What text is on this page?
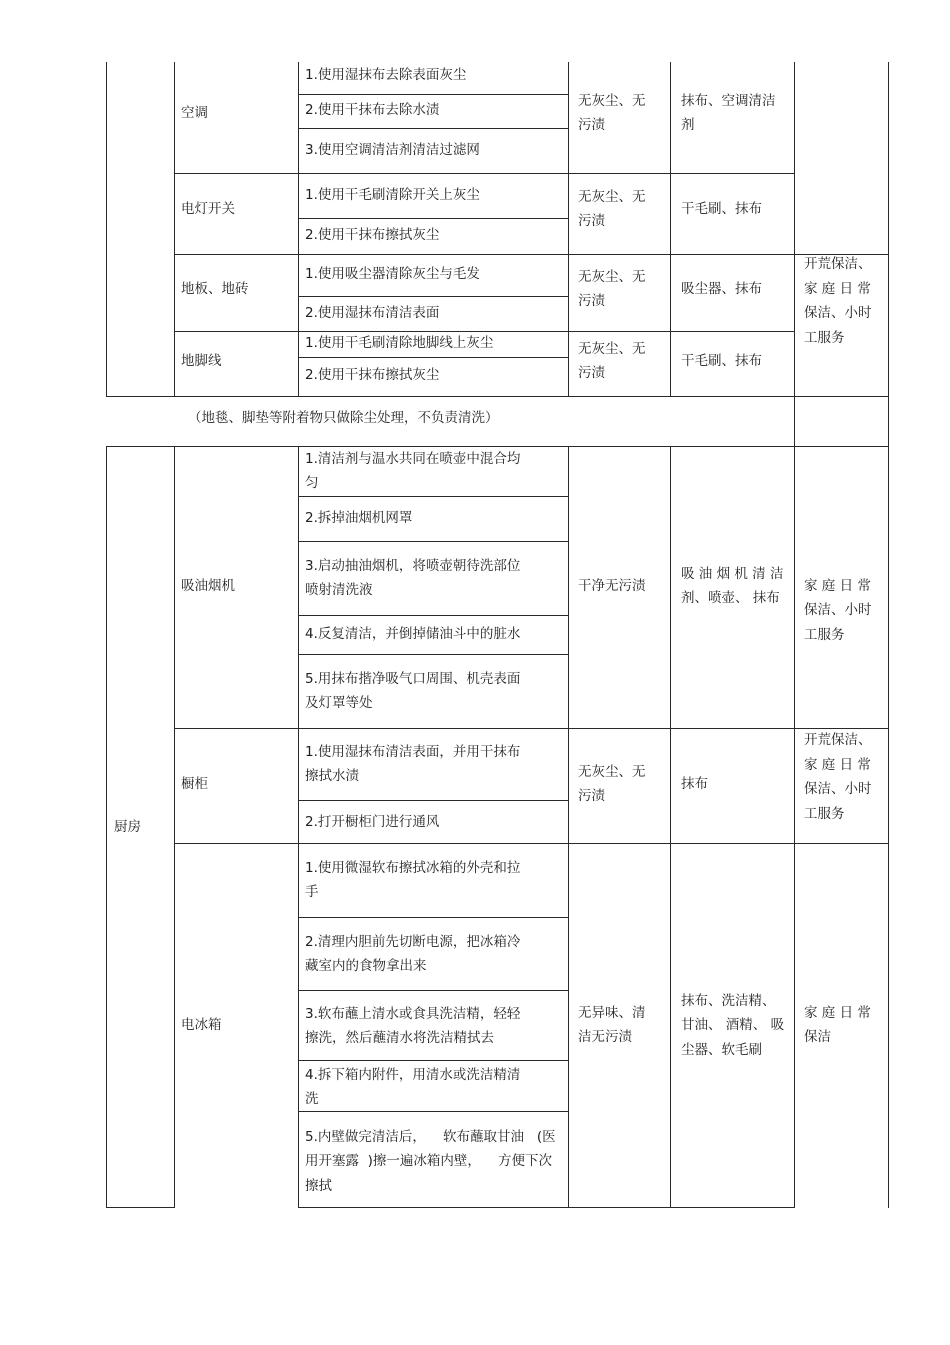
空调
1.使用湿抹布去除表面灰尘
2.使用干抹布去除水渍
3.使用空调清洁剂清洁过滤网
无灰尘、无
污渍
抹布、空调清洁
剂
电灯开关
1.使用干毛刷清除开关上灰尘
2.使用干抹布擦拭灰尘
无灰尘、无
污渍
干毛刷、抹布
地板、地砖
1.使用吸尘器清除灰尘与毛发
2.使用湿抹布清洁表面
无灰尘、无
污渍
吸尘器、抹布
地脚线
1.使用干毛刷清除地脚线上灰尘
2.使用干抹布擦拭灰尘
无灰尘、无
污渍
干毛刷、抹布
开荒保洁、
家 庭 日 常
保洁、小时
工服务
（地毯、脚垫等附着物只做除尘处理，不负责清洗）
厨房
吸油烟机
1.清洁剂与温水共同在喷壶中混合均
匀
2.拆掉油烟机网罩
3.启动抽油烟机，将喷壶朝待洗部位
喷射清洗液
4.反复清洁，并倒掉储油斗中的脏水
5.用抹布揩净吸气口周围、机壳表面
及灯罩等处
干净无污渍
吸 油 烟 机 清 洁
剂、喷壶、 抹布
家 庭 日 常
保洁、小时
工服务
橱柜
1.使用湿抹布清洁表面，并用干抹布
擦拭水渍
2.打开橱柜门进行通风
无灰尘、无
污渍
抹布
开荒保洁、
家 庭 日 常
保洁、小时
工服务
电冰箱
1.使用微湿软布擦拭冰箱的外壳和拉
手
2.清理内胆前先切断电源，把冰箱冷
藏室内的食物拿出来
3.软布蘸上清水或食具洗洁精，轻轻
擦洗，然后蘸清水将洗洁精拭去
4.拆下箱内附件，用清水或洗洁精清
洗
5.内壁做完清洁后，    软布蘸取甘油   (医
用开塞露  )擦一遍冰箱内壁，    方便下次
擦拭
无异味、清
洁无污渍
抹布、洗洁精、
甘油、 酒精、 吸
尘器、软毛刷
家 庭 日 常
保洁
